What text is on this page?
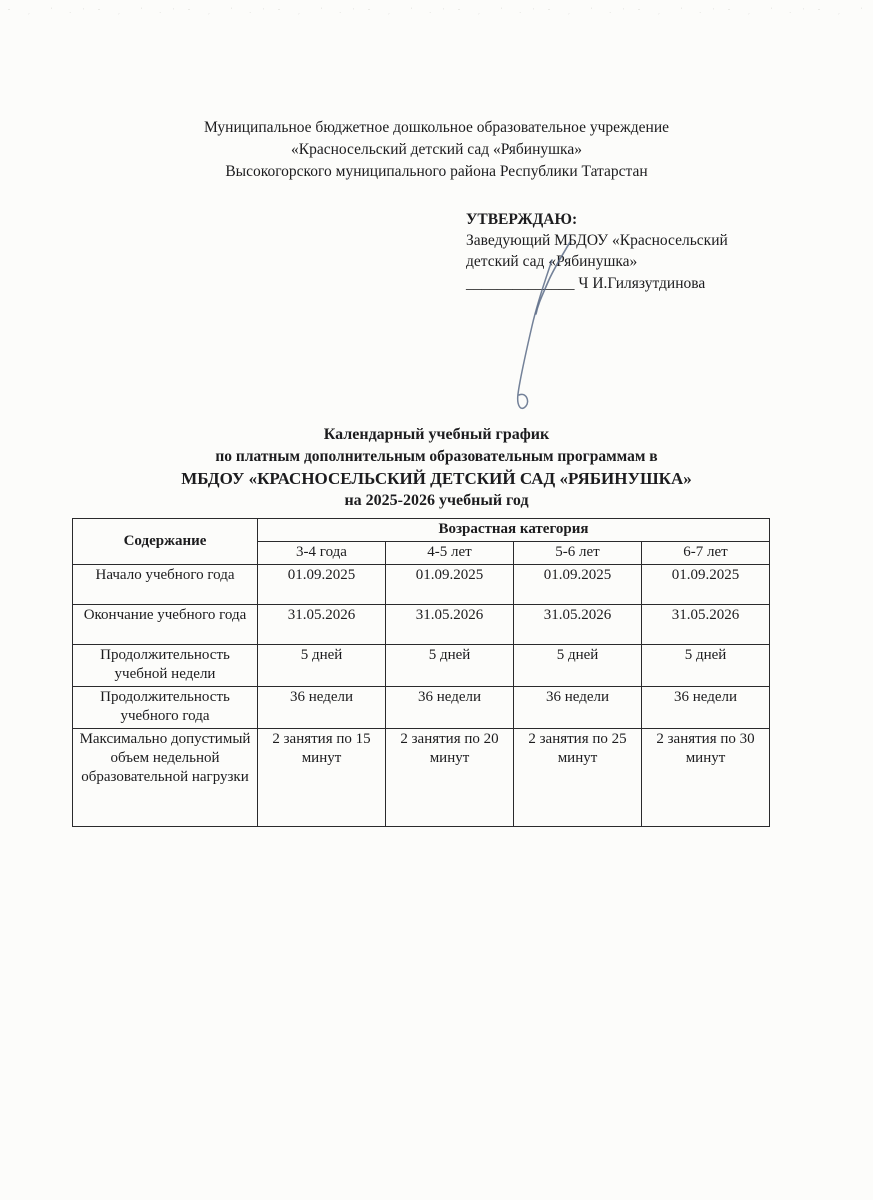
Муниципальное бюджетное дошкольное образовательное учреждение
«Красносельский детский сад «Рябинушка»
Высокогорского муниципального района Республики Татарстан
УТВЕРЖДАЮ:
Заведующий МБДОУ «Красносельский
детский сад «Рябинушка»
______________ Ч И.Гилязутдинова
Календарный учебный график
по платным дополнительным образовательным программам в
МБДОУ «КРАСНОСЕЛЬСКИЙ ДЕТСКИЙ САД «РЯБИНУШКА»
на 2025-2026 учебный год
Содержание	Возрастная категория			
	3-4 года	4-5 лет	5-6 лет	6-7 лет
Начало учебного года	01.09.2025	01.09.2025	01.09.2025	01.09.2025
Окончание учебного года	31.05.2026	31.05.2026	31.05.2026	31.05.2026
Продолжительность учебной недели	5 дней	5 дней	5 дней	5 дней
Продолжительность учебного года	36 недели	36 недели	36 недели	36 недели
Максимально допустимый объем недельной образовательной нагрузки	2 занятия по 15 минут	2 занятия по 20 минут	2 занятия по 25 минут	2 занятия по 30 минут
